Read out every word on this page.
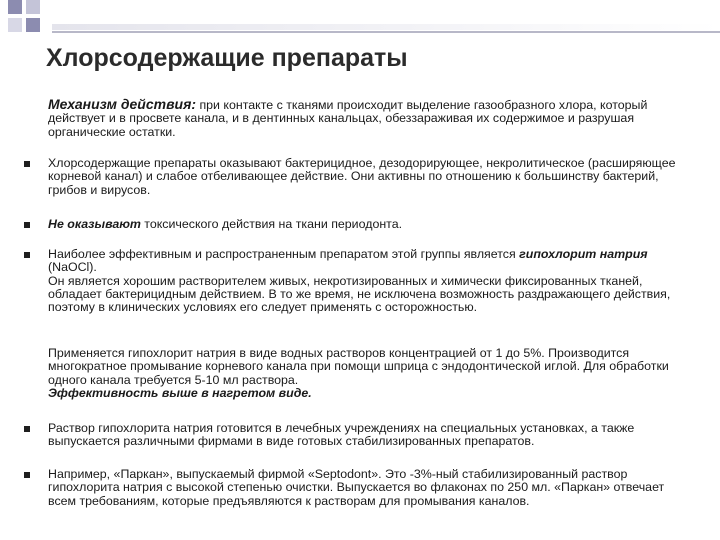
Хлорсодержащие препараты
Механизм действия: при контакте с тканями происходит выделение газообразного хлора, который действует и в просвете канала, и в дентинных канальцах, обеззараживая их содержимое и разрушая органические остатки.
Хлорсодержащие препараты оказывают бактерицидное, дезодорирующее, некролитическое (расширяющее корневой канал) и слабое отбеливающее действие. Они активны по отношению к большинству бактерий, грибов и вирусов.
Не оказывают токсического действия на ткани периодонта.
Наиболее эффективным и распространенным препаратом этой группы является гипохлорит натрия (NaOCl).
Он является хорошим растворителем живых, некротизированных и химически фиксированных тканей, обладает бактерицидным действием. В то же время, не исключена возможность раздражающего действия, поэтому в клинических условиях его следует применять с осторожностью.
Применяется гипохлорит натрия в виде водных растворов концентрацией от 1 до 5%. Производится многократное промывание корневого канала при помощи шприца с эндодонтической иглой. Для обработки одного канала требуется 5-10 мл раствора.
Эффективность выше в нагретом виде.
Раствор гипохлорита натрия готовится в лечебных учреждениях на специальных установках, а также выпускается различными фирмами в виде готовых стабилизированных препаратов.
Например, «Паркан», выпускаемый фирмой «Septodont». Это -3%-ный стабилизированный раствор гипохлорита натрия с высокой степенью очистки. Выпускается во флаконах по 250 мл. «Паркан» отвечает всем требованиям, которые предъявляются к растворам для промывания каналов.
